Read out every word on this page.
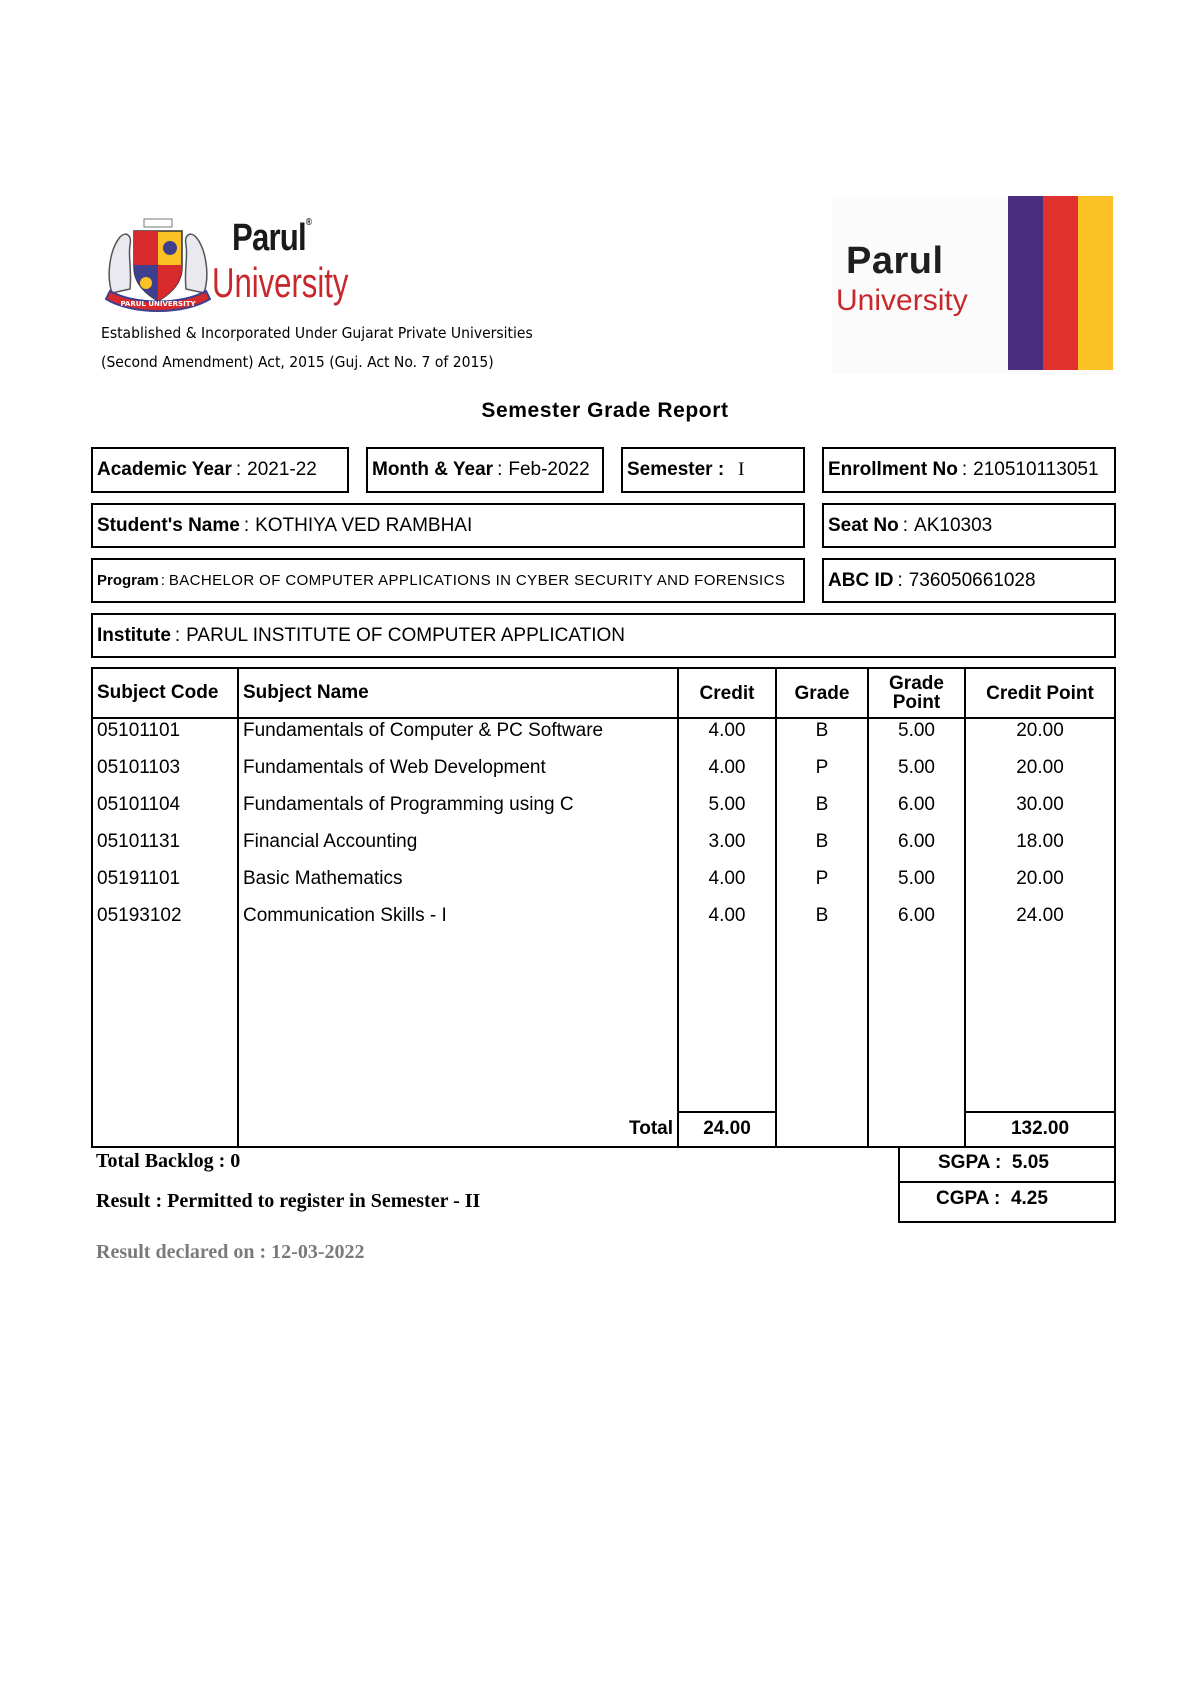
PARUL UNIVERSITY
Parul®
University
Established & Incorporated Under Gujarat Private Universities
(Second Amendment) Act, 2015 (Guj. Act No. 7 of 2015)
Parul
University
Semester Grade Report
Academic Year : 2021-22	Month & Year : Feb-2022 Semester : I	Enrollment No : 210510113051
Student's Name : KOTHIYA VED RAMBHAI	Seat No : AK10303
Program : BACHELOR OF COMPUTER APPLICATIONS IN CYBER SECURITY AND FORENSICS ABC ID : 736050661028
Institute : PARUL INSTITUTE OF COMPUTER APPLICATION
Subject Code	Subject Name	Credit	Grade	Grade
Point	Credit Point
05101101	Fundamentals of Computer & PC Software	4.00	B	5.00	20.00
05101103	Fundamentals of Web Development	4.00	P	5.00	20.00
05101104	Fundamentals of Programming using C	5.00	B	6.00	30.00
05101131	Financial Accounting	3.00	B	6.00	18.00
05191101	Basic Mathematics	4.00	P	5.00	20.00
05193102	Communication Skills - I	4.00	B	6.00	24.00
Total	24.00	132.00
SGPA : 5.05
CGPA : 4.25
Total Backlog : 0
Result : Permitted to register in Semester - II
Result declared on : 12-03-2022
